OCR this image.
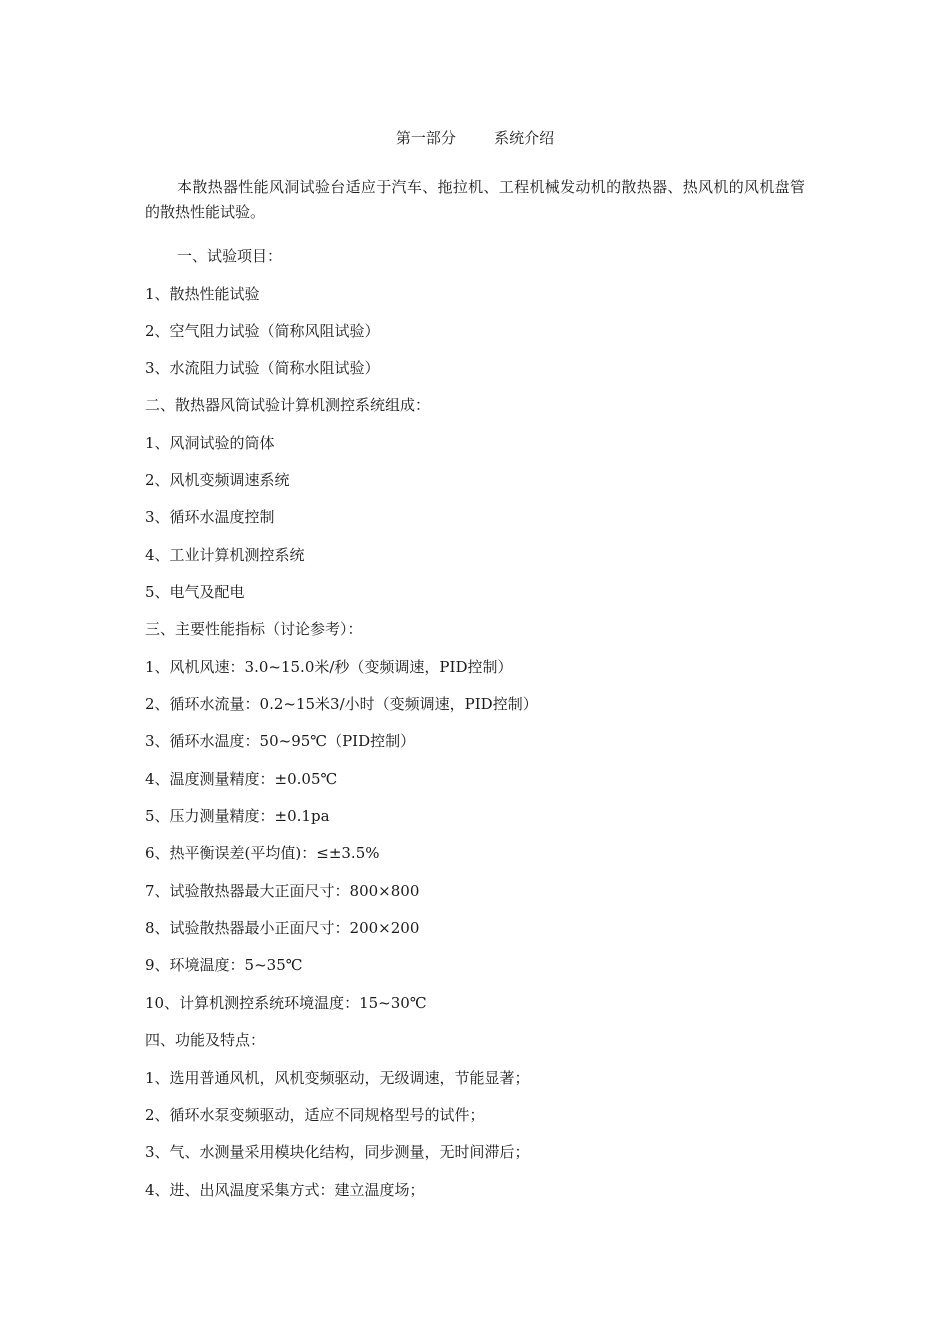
第一部分        系统介绍
本散热器性能风洞试验台适应于汽车、拖拉机、工程机械发动机的散热器、热风机的风机盘管的散热性能试验。
一、试验项目：
1、散热性能试验
2、空气阻力试验（简称风阻试验）
3、水流阻力试验（简称水阻试验）
二、散热器风筒试验计算机测控系统组成：
1、风洞试验的筒体
2、风机变频调速系统
3、循环水温度控制
4、工业计算机测控系统
5、电气及配电
三、主要性能指标（讨论参考）：
1、风机风速：3.0~15.0米/秒（变频调速，PID控制）
2、循环水流量：0.2~15米3/小时（变频调速，PID控制）
3、循环水温度：50~95℃（PID控制）
4、温度测量精度：±0.05℃
5、压力测量精度：±0.1pa
6、热平衡误差(平均值)：≤±3.5%
7、试验散热器最大正面尺寸：800×800
8、试验散热器最小正面尺寸：200×200
9、环境温度：5~35℃
10、计算机测控系统环境温度：15~30℃
四、功能及特点：
1、选用普通风机，风机变频驱动，无级调速，节能显著；
2、循环水泵变频驱动，适应不同规格型号的试件；
3、气、水测量采用模块化结构，同步测量，无时间滞后；
4、进、出风温度采集方式：建立温度场；
